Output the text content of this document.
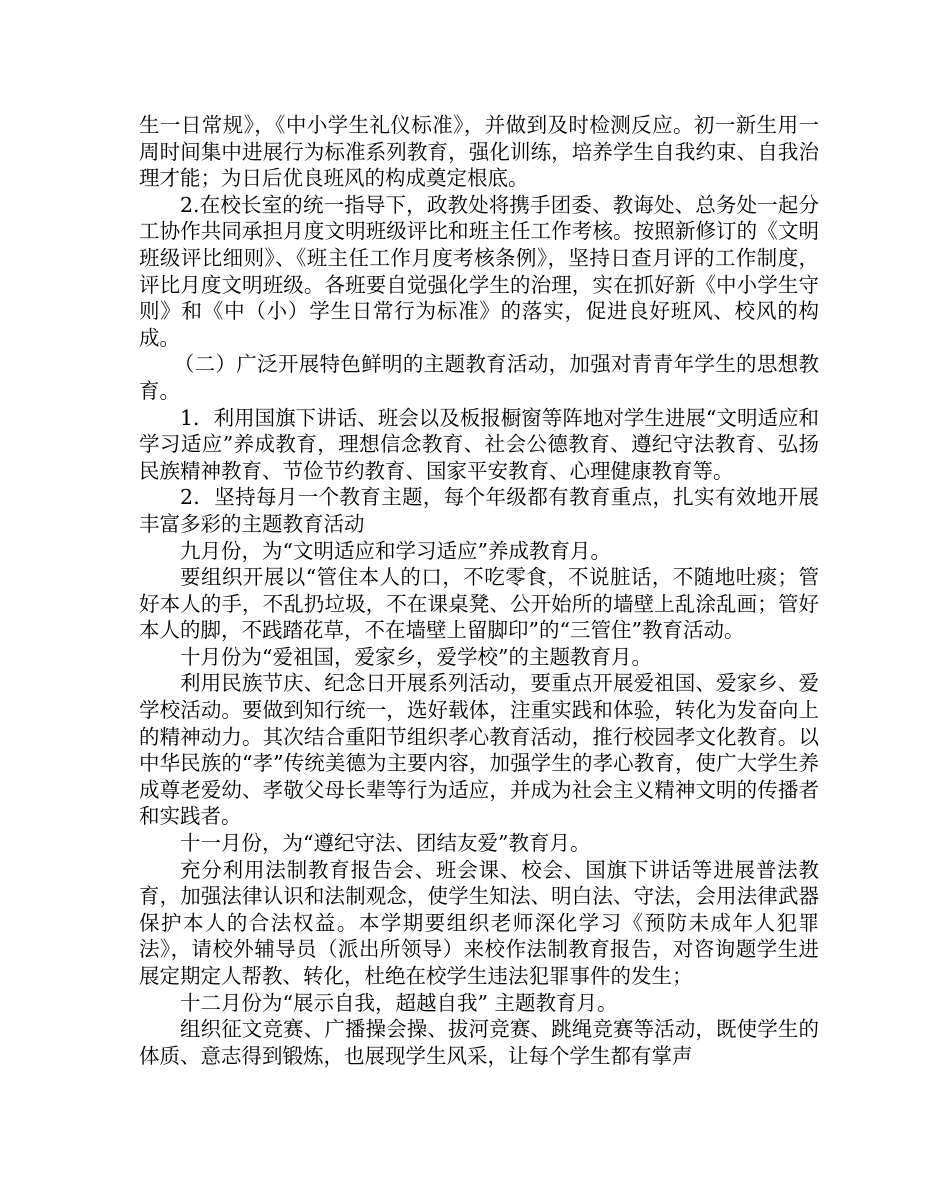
生一日常规》，《中小学生礼仪标准》，并做到及时检测反应。初一新生用一周时间集中进展行为标准系列教育，强化训练，培养学生自我约束、自我治理才能；为日后优良班风的构成奠定根底。

2.在校长室的统一指导下，政教处将携手团委、教诲处、总务处一起分工协作共同承担月度文明班级评比和班主任工作考核。按照新修订的《文明班级评比细则》、《班主任工作月度考核条例》，坚持日查月评的工作制度，评比月度文明班级。各班要自觉强化学生的治理，实在抓好新《中小学生守则》和《中（小）学生日常行为标准》的落实，促进良好班风、校风的构成。

（二）广泛开展特色鲜明的主题教育活动，加强对青青年学生的思想教育。

1．利用国旗下讲话、班会以及板报橱窗等阵地对学生进展“文明适应和学习适应”养成教育，理想信念教育、社会公德教育、遵纪守法教育、弘扬民族精神教育、节俭节约教育、国家平安教育、心理健康教育等。

2．坚持每月一个教育主题，每个年级都有教育重点，扎实有效地开展丰富多彩的主题教育活动

九月份，为“文明适应和学习适应”养成教育月。

要组织开展以“管住本人的口，不吃零食，不说脏话，不随地吐痰；管好本人的手，不乱扔垃圾，不在课桌凳、公开始所的墙壁上乱涂乱画；管好本人的脚，不践踏花草，不在墙壁上留脚印”的“三管住”教育活动。

十月份为“爱祖国，爱家乡，爱学校”的主题教育月。

利用民族节庆、纪念日开展系列活动，要重点开展爱祖国、爱家乡、爱学校活动。要做到知行统一，选好载体，注重实践和体验，转化为发奋向上的精神动力。其次结合重阳节组织孝心教育活动，推行校园孝文化教育。以中华民族的“孝”传统美德为主要内容，加强学生的孝心教育，使广大学生养成尊老爱幼、孝敬父母长辈等行为适应，并成为社会主义精神文明的传播者和实践者。

十一月份，为“遵纪守法、团结友爱”教育月。

充分利用法制教育报告会、班会课、校会、国旗下讲话等进展普法教育，加强法律认识和法制观念，使学生知法、明白法、守法，会用法律武器保护本人的合法权益。本学期要组织老师深化学习《预防未成年人犯罪法》，请校外辅导员（派出所领导）来校作法制教育报告，对咨询题学生进展定期定人帮教、转化，杜绝在校学生违法犯罪事件的发生；

十二月份为“展示自我，超越自我” 主题教育月。

组织征文竞赛、广播操会操、拔河竞赛、跳绳竞赛等活动，既使学生的体质、意志得到锻炼，也展现学生风采，让每个学生都有掌声
